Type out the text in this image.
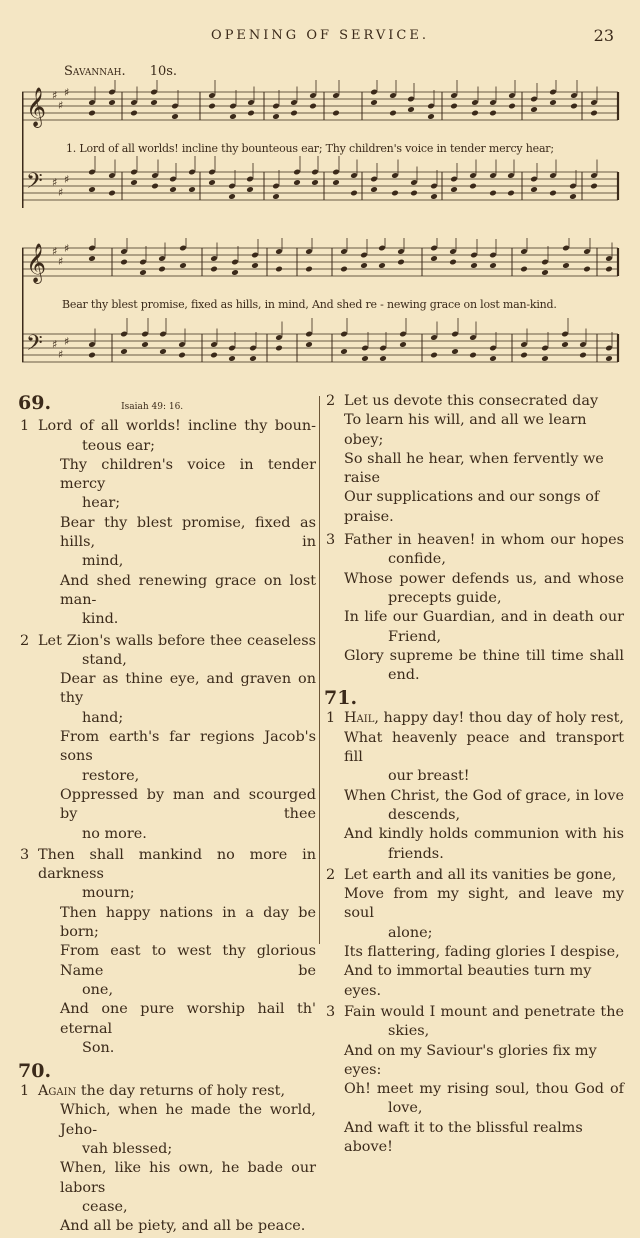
OPENING OF SERVICE.	23
Savannah. 10s.
𝄞 ♯
♯
♯
𝄢 ♯
♯
♯
1. Lord of all worlds! incline thy bounteous ear; Thy children's voice in tender mercy hear;
𝄞 ♯
♯
♯
𝄢 ♯
♯
♯
Bear thy blest promise, fixed as hills, in mind, And shed re - newing grace on lost man-kind.
69.	Isaiah 49: 16.
1 Lord of all worlds! incline thy boun-
teous ear;
Thy children's voice in tender mercy
hear;
Bear thy blest promise, fixed as hills, in
mind,
And shed renewing grace on lost man-
kind.
2 Let Zion's walls before thee ceaseless
stand,
Dear as thine eye, and graven on thy
hand;
From earth's far regions Jacob's sons
restore,
Oppressed by man and scourged by thee
no more.
3 Then shall mankind no more in darkness
mourn;
Then happy nations in a day be born;
From east to west thy glorious Name be
one,
And one pure worship hail th' eternal
Son.
70.
1 Again the day returns of holy rest,
Which, when he made the world, Jeho-
vah blessed;
When, like his own, he bade our labors
cease,
And all be piety, and all be peace.
2 Let us devote this consecrated day
To learn his will, and all we learn obey;
So shall he hear, when fervently we raise
Our supplications and our songs of praise.
3 Father in heaven! in whom our hopes
confide,
Whose power defends us, and whose
precepts guide,
In life our Guardian, and in death our
Friend,
Glory supreme be thine till time shall
end.
71.
1 Hail, happy day! thou day of holy rest,
What heavenly peace and transport fill
our breast!
When Christ, the God of grace, in love
descends,
And kindly holds communion with his
friends.
2 Let earth and all its vanities be gone,
Move from my sight, and leave my soul
alone;
Its flattering, fading glories I despise,
And to immortal beauties turn my eyes.
3 Fain would I mount and penetrate the
skies,
And on my Saviour's glories fix my eyes:
Oh! meet my rising soul, thou God of
love,
And waft it to the blissful realms above!
